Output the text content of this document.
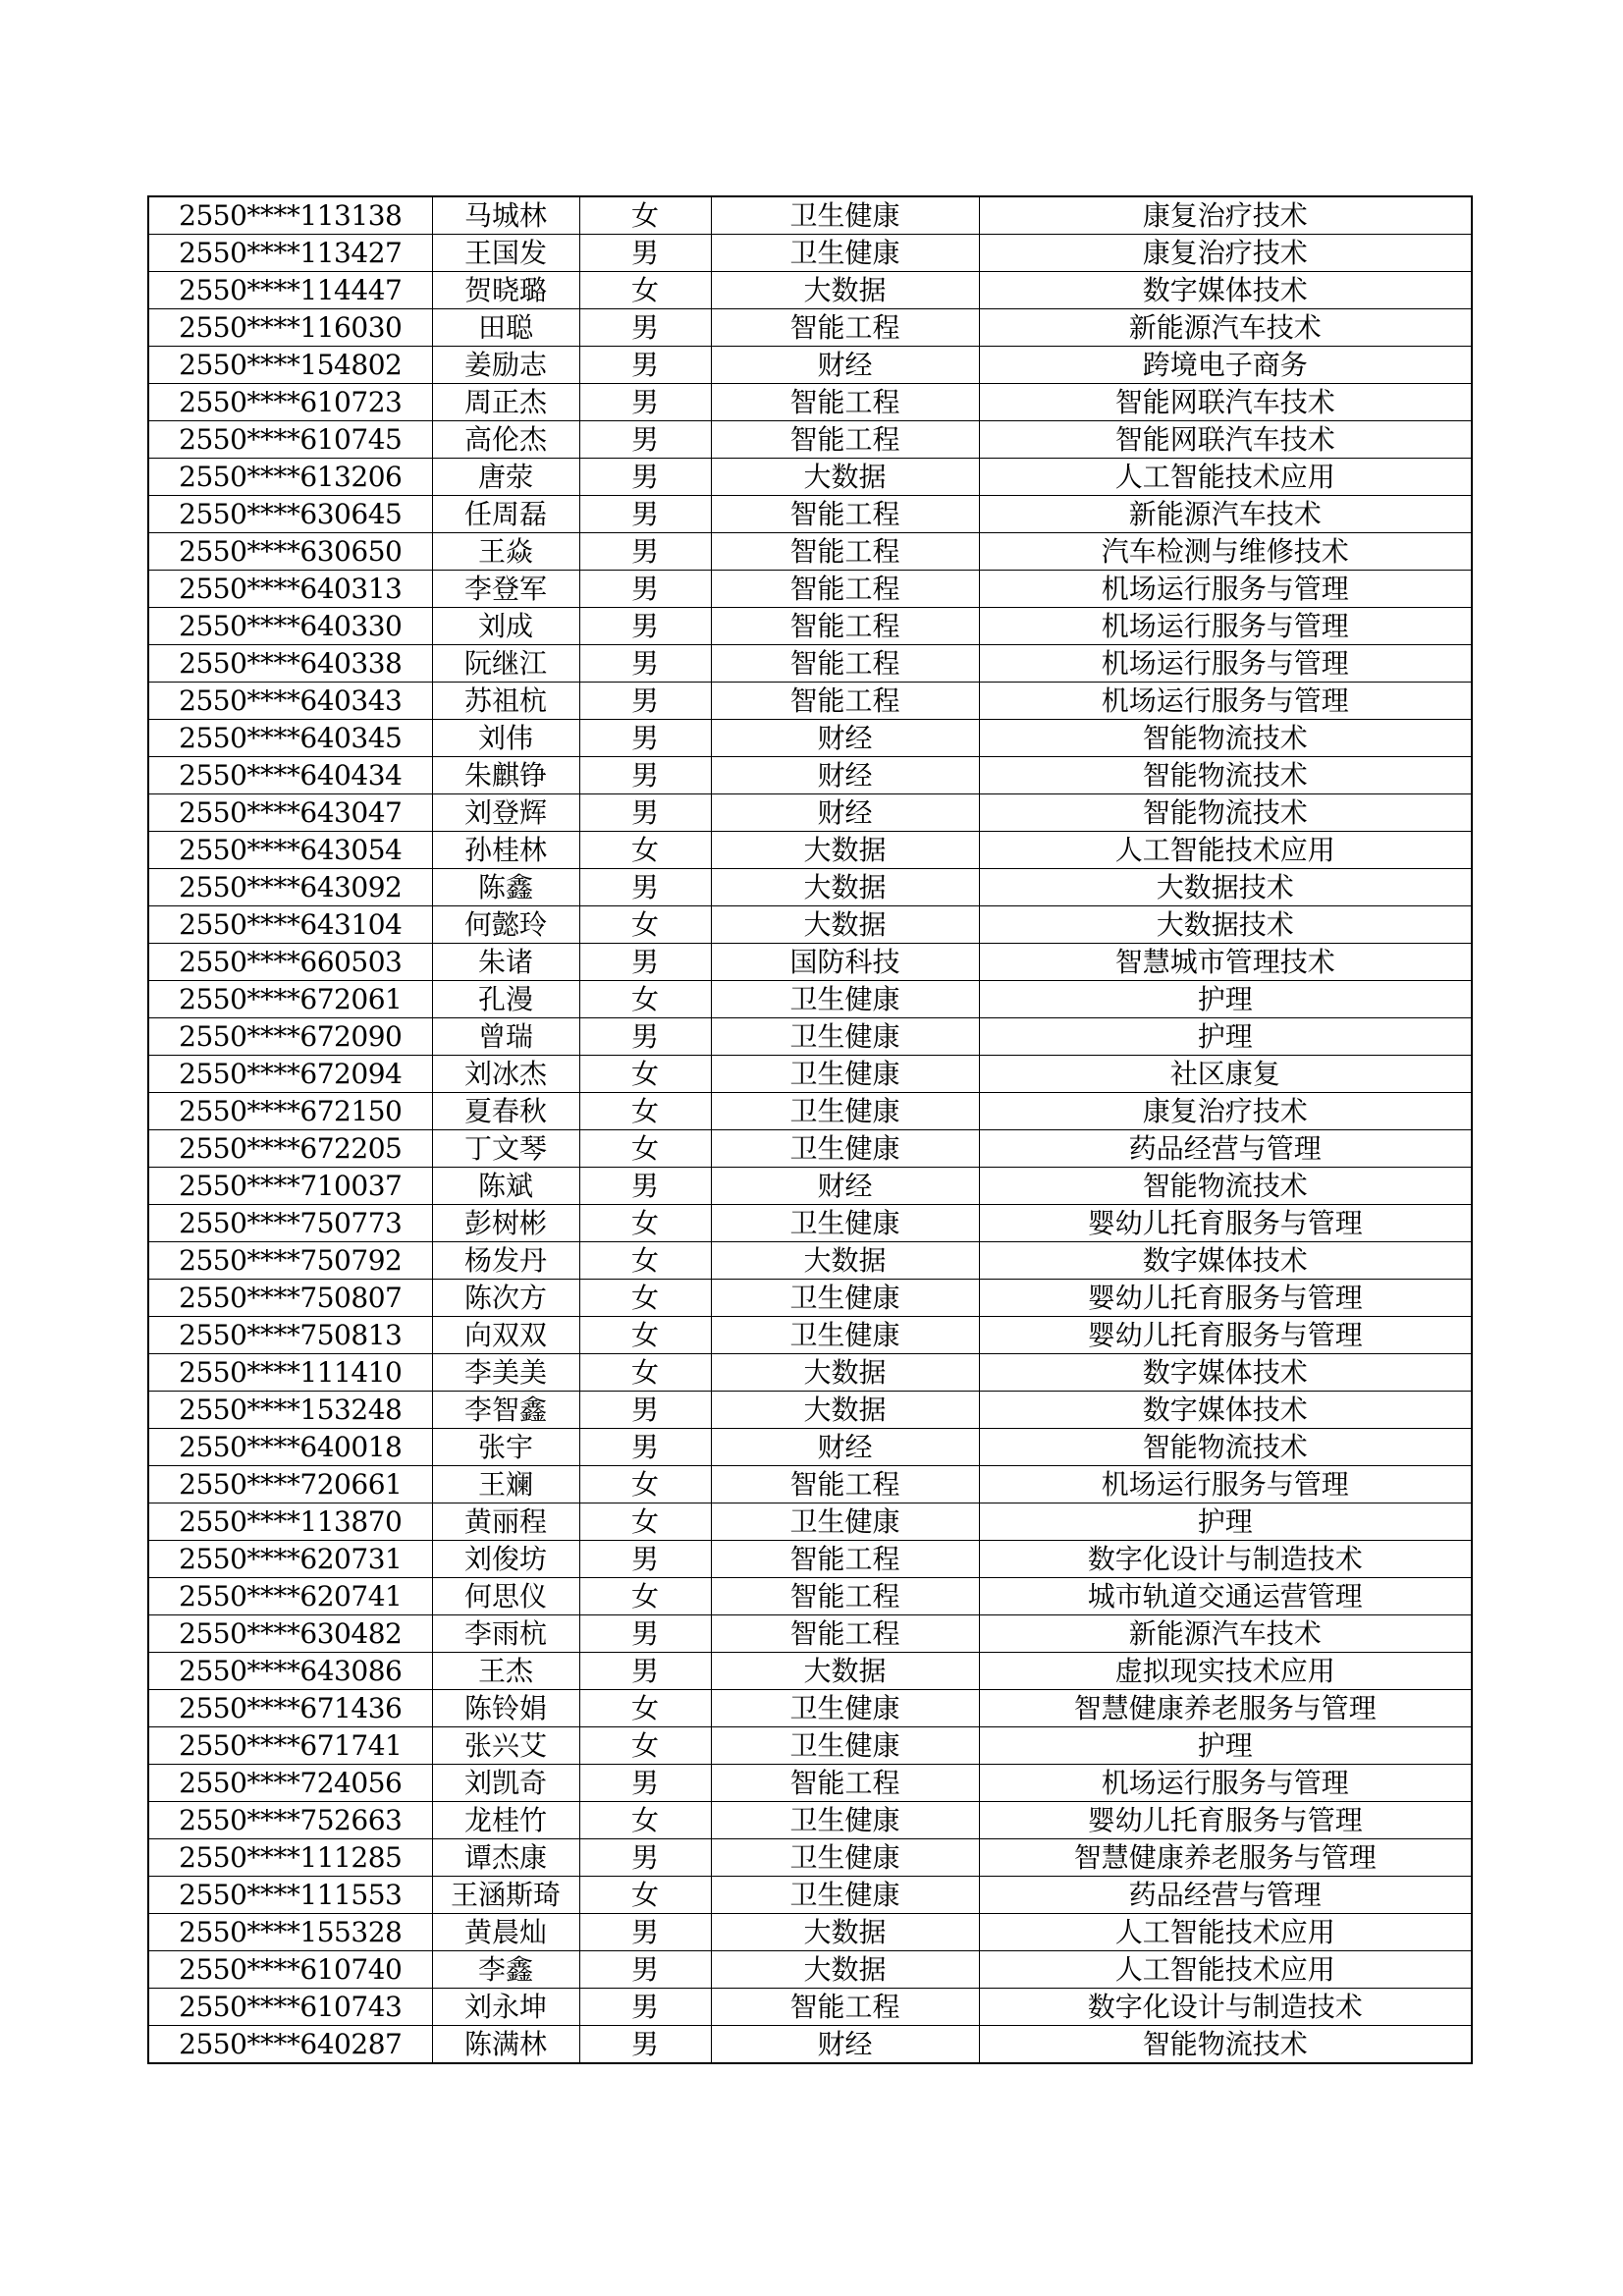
2550****113138	马城林	女	卫生健康	康复治疗技术
2550****113427	王国发	男	卫生健康	康复治疗技术
2550****114447	贺晓璐	女	大数据	数字媒体技术
2550****116030	田聪	男	智能工程	新能源汽车技术
2550****154802	姜励志	男	财经	跨境电子商务
2550****610723	周正杰	男	智能工程	智能网联汽车技术
2550****610745	高伦杰	男	智能工程	智能网联汽车技术
2550****613206	唐荥	男	大数据	人工智能技术应用
2550****630645	任周磊	男	智能工程	新能源汽车技术
2550****630650	王焱	男	智能工程	汽车检测与维修技术
2550****640313	李登军	男	智能工程	机场运行服务与管理
2550****640330	刘成	男	智能工程	机场运行服务与管理
2550****640338	阮继江	男	智能工程	机场运行服务与管理
2550****640343	苏祖杭	男	智能工程	机场运行服务与管理
2550****640345	刘伟	男	财经	智能物流技术
2550****640434	朱麒铮	男	财经	智能物流技术
2550****643047	刘登辉	男	财经	智能物流技术
2550****643054	孙桂林	女	大数据	人工智能技术应用
2550****643092	陈鑫	男	大数据	大数据技术
2550****643104	何懿玲	女	大数据	大数据技术
2550****660503	朱诸	男	国防科技	智慧城市管理技术
2550****672061	孔漫	女	卫生健康	护理
2550****672090	曾瑞	男	卫生健康	护理
2550****672094	刘冰杰	女	卫生健康	社区康复
2550****672150	夏春秋	女	卫生健康	康复治疗技术
2550****672205	丁文琴	女	卫生健康	药品经营与管理
2550****710037	陈斌	男	财经	智能物流技术
2550****750773	彭树彬	女	卫生健康	婴幼儿托育服务与管理
2550****750792	杨发丹	女	大数据	数字媒体技术
2550****750807	陈次方	女	卫生健康	婴幼儿托育服务与管理
2550****750813	向双双	女	卫生健康	婴幼儿托育服务与管理
2550****111410	李美美	女	大数据	数字媒体技术
2550****153248	李智鑫	男	大数据	数字媒体技术
2550****640018	张宇	男	财经	智能物流技术
2550****720661	王斓	女	智能工程	机场运行服务与管理
2550****113870	黄丽程	女	卫生健康	护理
2550****620731	刘俊坊	男	智能工程	数字化设计与制造技术
2550****620741	何思仪	女	智能工程	城市轨道交通运营管理
2550****630482	李雨杭	男	智能工程	新能源汽车技术
2550****643086	王杰	男	大数据	虚拟现实技术应用
2550****671436	陈铃娟	女	卫生健康	智慧健康养老服务与管理
2550****671741	张兴艾	女	卫生健康	护理
2550****724056	刘凯奇	男	智能工程	机场运行服务与管理
2550****752663	龙桂竹	女	卫生健康	婴幼儿托育服务与管理
2550****111285	谭杰康	男	卫生健康	智慧健康养老服务与管理
2550****111553	王涵斯琦	女	卫生健康	药品经营与管理
2550****155328	黄晨灿	男	大数据	人工智能技术应用
2550****610740	李鑫	男	大数据	人工智能技术应用
2550****610743	刘永坤	男	智能工程	数字化设计与制造技术
2550****640287	陈满林	男	财经	智能物流技术
